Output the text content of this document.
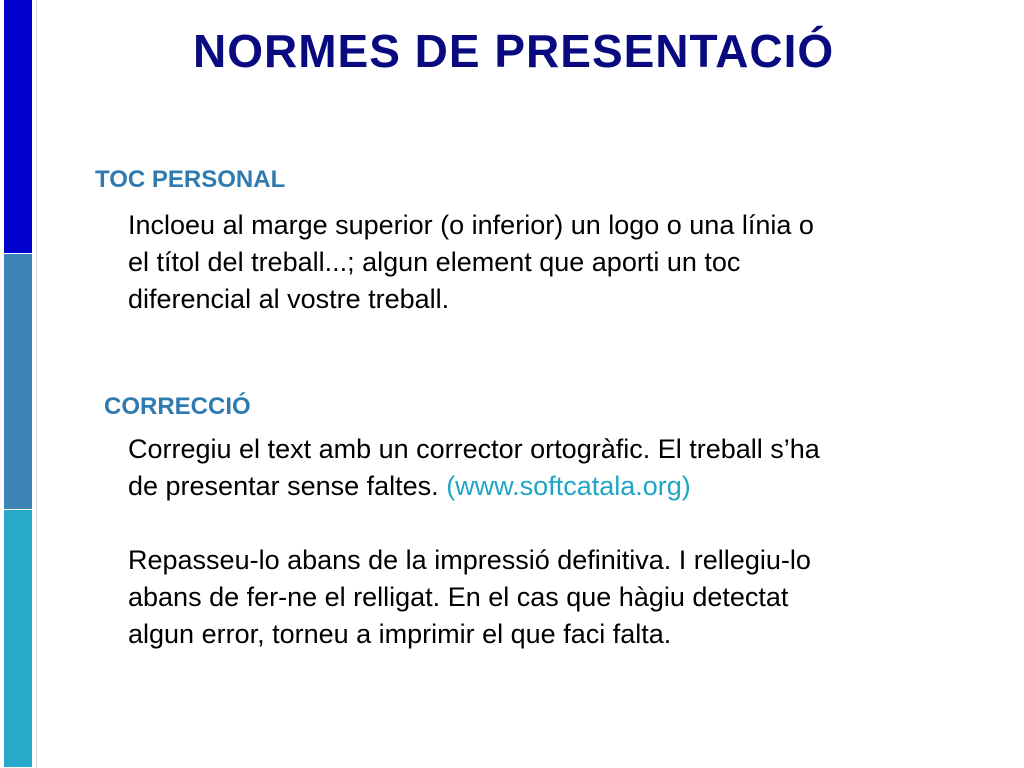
NORMES DE PRESENTACIÓ
TOC PERSONAL

Incloeu al marge superior (o inferior) un logo o una línia o
el títol del treball...; algun element que aporti un toc
diferencial al vostre treball.

CORRECCIÓ

Corregiu el text amb un corrector ortogràfic. El treball s’ha
de presentar sense faltes. (www.softcatala.org)

Repasseu-lo abans de la impressió definitiva. I rellegiu-lo
abans de fer-ne el relligat. En el cas que hàgiu detectat
algun error, torneu a imprimir el que faci falta.
